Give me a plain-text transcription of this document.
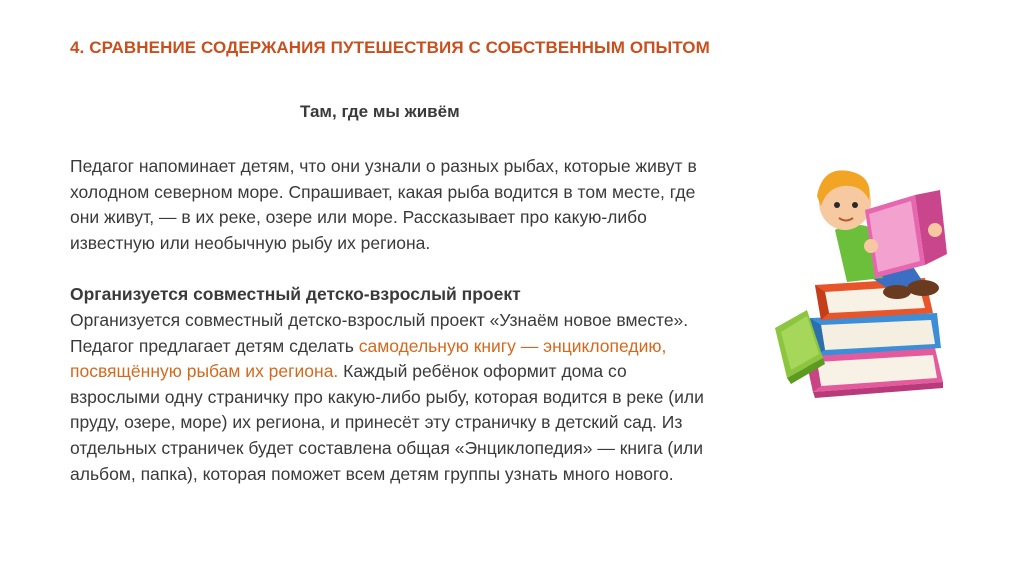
4. СРАВНЕНИЕ СОДЕРЖАНИЯ ПУТЕШЕСТВИЯ С СОБСТВЕННЫМ ОПЫТОМ
Там, где мы живём

Педагог напоминает детям, что они узнали о разных рыбах, которые живут в холодном северном море. Спрашивает, какая рыба водится в том месте, где они живут, — в их реке, озере или море. Рассказывает про какую-либо известную или необычную рыбу их региона.

Организуется совместный детско-взрослый проект

Организуется совместный детско-взрослый проект «Узнаём новое вместе». Педагог предлагает детям сделать самодельную книгу — энциклопедию, посвящённую рыбам их региона. Каждый ребёнок оформит дома со взрослыми одну страничку про какую-либо рыбу, которая водится в реке (или пруду, озере, море) их региона, и принесёт эту страничку в детский сад. Из отдельных страничек будет составлена общая «Энциклопедия» — книга (или альбом, папка), которая поможет всем детям группы узнать много нового.
